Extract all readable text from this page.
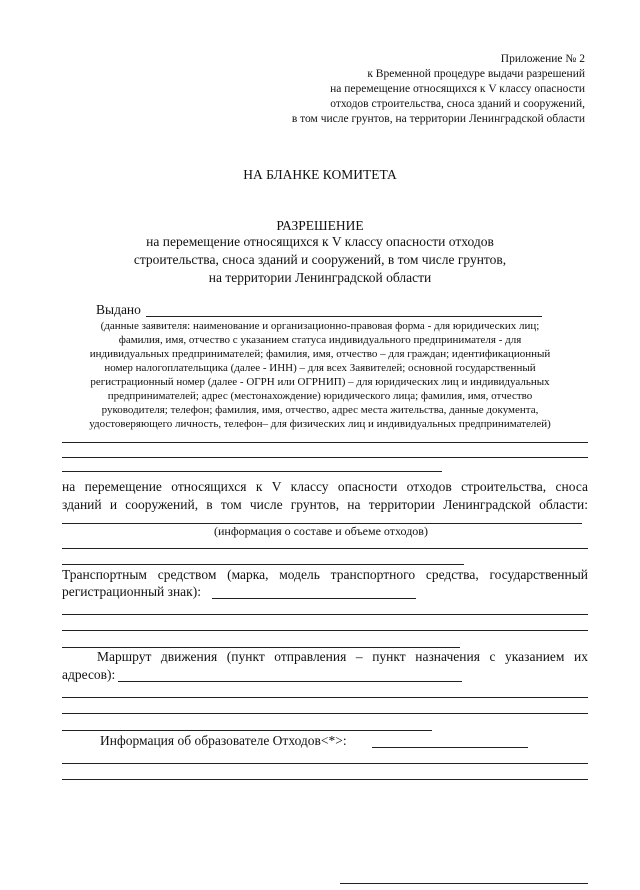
Приложение № 2
к Временной процедуре выдачи разрешений
на перемещение относящихся к V классу опасности
отходов строительства, сноса зданий и сооружений,
в том числе грунтов, на территории Ленинградской области
НА БЛАНКЕ КОМИТЕТА
РАЗРЕШЕНИЕ
на перемещение относящихся к V классу опасности отходов
строительства, сноса зданий и сооружений, в том числе грунтов,
на территории Ленинградской области
Выдано
(данные заявителя: наименование и организационно-правовая форма - для юридических лиц;
фамилия, имя, отчество с указанием статуса индивидуального предпринимателя - для
индивидуальных предпринимателей; фамилия, имя, отчество – для граждан; идентификационный
номер налогоплательщика (далее - ИНН) – для всех Заявителей; основной государственный
регистрационный номер (далее - ОГРН или ОГРНИП) – для юридических лиц и индивидуальных
предпринимателей; адрес (местонахождение) юридического лица; фамилия, имя, отчество
руководителя; телефон; фамилия, имя, отчество, адрес места жительства, данные документа,
удостоверяющего личность, телефон– для физических лиц и индивидуальных предпринимателей)
на перемещение относящихся к V классу опасности отходов строительства, сноса
зданий и сооружений, в том числе грунтов, на территории Ленинградской области:
(информация о составе и объеме отходов)
Транспортным средством (марка, модель транспортного средства, государственный
регистрационный знак):
Маршрут движения (пункт отправления – пункт назначения с указанием их
адресов):
Информация об образователе Отходов<*>:
